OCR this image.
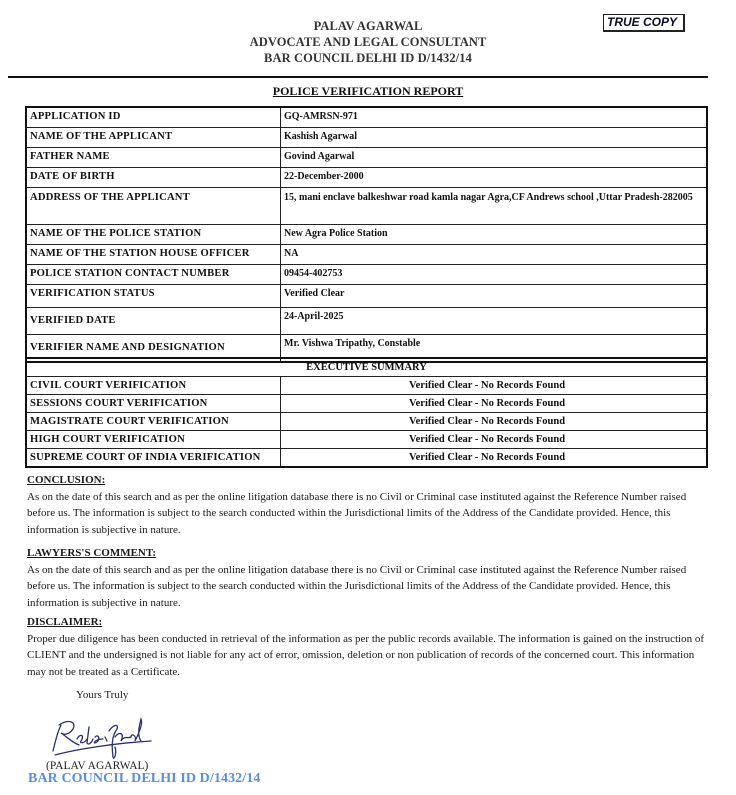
PALAV AGARWAL
ADVOCATE AND LEGAL CONSULTANT
BAR COUNCIL DELHI ID D/1432/14
TRUE COPY
POLICE VERIFICATION REPORT
APPLICATION ID	GQ-AMRSN-971
NAME OF THE APPLICANT	Kashish Agarwal
FATHER NAME	Govind Agarwal
DATE OF BIRTH	22-December-2000
ADDRESS OF THE APPLICANT	15, mani enclave balkeshwar road kamla nagar Agra,CF Andrews school ,Uttar Pradesh-282005
NAME OF THE POLICE STATION	New Agra Police Station
NAME OF THE STATION HOUSE OFFICER	NA
POLICE STATION CONTACT NUMBER	09454-402753
VERIFICATION STATUS	Verified Clear
VERIFIED DATE	24-April-2025
VERIFIER NAME AND DESIGNATION	Mr. Vishwa Tripathy, Constable
EXECUTIVE SUMMARY	
CIVIL COURT VERIFICATION	Verified Clear - No Records Found
SESSIONS COURT VERIFICATION	Verified Clear - No Records Found
MAGISTRATE COURT VERIFICATION	Verified Clear - No Records Found
HIGH COURT VERIFICATION	Verified Clear - No Records Found
SUPREME COURT OF INDIA VERIFICATION	Verified Clear - No Records Found
CONCLUSION:
As on the date of this search and as per the online litigation database there is no Civil or Criminal case instituted against the Reference Number raised before us. The information is subject to the search conducted within the Jurisdictional limits of the Address of the Candidate provided. Hence, this information is subjective in nature.
LAWYERS'S COMMENT:
As on the date of this search and as per the online litigation database there is no Civil or Criminal case instituted against the Reference Number raised before us. The information is subject to the search conducted within the Jurisdictional limits of the Address of the Candidate provided. Hence, this information is subjective in nature.
DISCLAIMER:
Proper due diligence has been conducted in retrieval of the information as per the public records available. The information is gained on the instruction of CLIENT and the undersigned is not liable for any act of error, omission, deletion or non publication of records of the concerned court. This information may not be treated as a Certificate.
Yours Truly
(PALAV AGARWAL)
BAR COUNCIL DELHI ID D/1432/14
